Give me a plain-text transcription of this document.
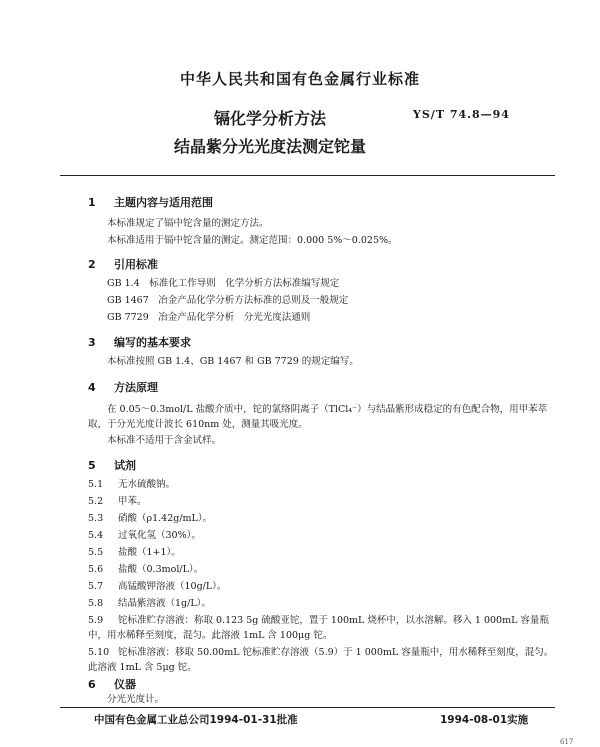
中华人民共和国有色金属行业标准
镉化学分析方法
结晶紫分光光度法测定铊量
YS/T 74.8—94
1 主题内容与适用范围
本标准规定了镉中铊含量的测定方法。
本标准适用于镉中铊含量的测定。测定范围：0.000 5%～0.025%。
2 引用标准
GB 1.4　标准化工作导则　化学分析方法标准编写规定
GB 1467　冶金产品化学分析方法标准的总则及一般规定
GB 7729　冶金产品化学分析　分光光度法通则
3 编写的基本要求
本标准按照 GB 1.4、GB 1467 和 GB 7729 的规定编写。
4 方法原理
在 0.05～0.3mol/L 盐酸介质中，铊的氯络阴离子（TlCl₄⁻）与结晶紫形成稳定的有色配合物，用甲苯萃取，于分光光度计波长 610nm 处，测量其吸光度。
本标准不适用于含金试样。
5 试剂
5.1 无水硫酸钠。
5.2 甲苯。
5.3 硝酸（ρ1.42g/mL）。
5.4 过氧化氢（30%）。
5.5 盐酸（1+1）。
5.6 盐酸（0.3mol/L）。
5.7 高锰酸钾溶液（10g/L）。
5.8 结晶紫溶液（1g/L）。
5.9 铊标准贮存溶液：称取 0.123 5g 硫酸亚铊，置于 100mL 烧杯中，以水溶解。移入 1 000mL 容量瓶中，用水稀释至刻度，混匀。此溶液 1mL 含 100μg 铊。
5.10 铊标准溶液：移取 50.00mL 铊标准贮存溶液（5.9）于 1 000mL 容量瓶中，用水稀释至刻度，混匀。此溶液 1mL 含 5μg 铊。
6 仪器
分光光度计。
中国有色金属工业总公司1994-01-31批准	1994-08-01实施
617
